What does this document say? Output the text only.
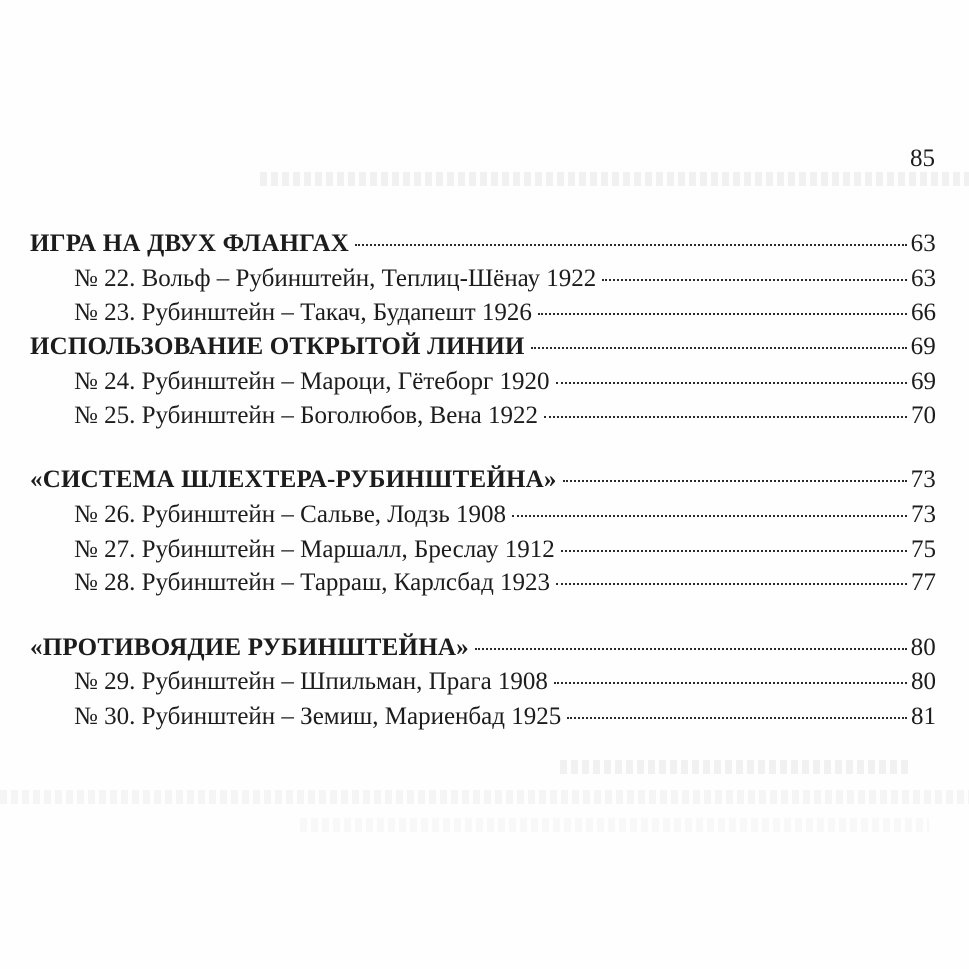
85
ИГРА НА ДВУХ ФЛАНГАХ	63
№ 22. Вольф – Рубинштейн, Теплиц-Шёнау 1922	63
№ 23. Рубинштейн – Такач, Будапешт 1926	66
ИСПОЛЬЗОВАНИЕ ОТКРЫТОЙ ЛИНИИ	69
№ 24. Рубинштейн – Мароци, Гётеборг 1920	69
№ 25. Рубинштейн – Боголюбов, Вена 1922	70
«СИСТЕМА ШЛЕХТЕРА-РУБИНШТЕЙНА»	73
№ 26. Рубинштейн – Сальве, Лодзь 1908	73
№ 27. Рубинштейн – Маршалл, Бреслау 1912	75
№ 28. Рубинштейн – Тарраш, Карлсбад 1923	77
«ПРОТИВОЯДИЕ РУБИНШТЕЙНА»	80
№ 29. Рубинштейн – Шпильман, Прага 1908	80
№ 30. Рубинштейн – Земиш, Мариенбад 1925	81
